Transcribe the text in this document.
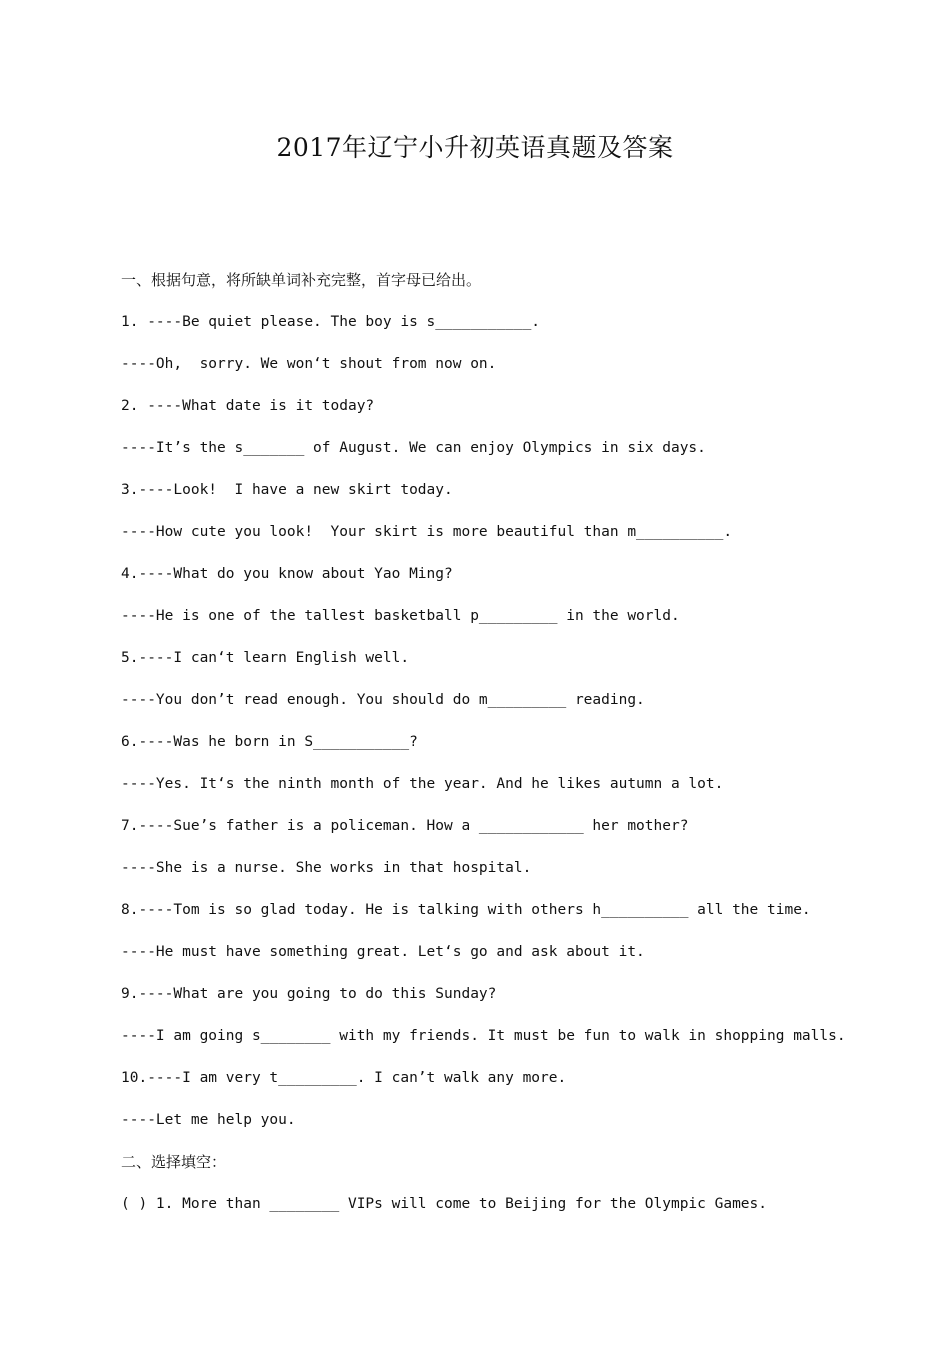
2017年辽宁小升初英语真题及答案
一、根据句意，将所缺单词补充完整，首字母已给出。
1. ----Be quiet please. The boy is s___________.
----Oh,  sorry. We won‘t shout from now on.
2. ----What date is it today?
----It’s the s_______ of August. We can enjoy Olympics in six days.
3.----Look!  I have a new skirt today.
----How cute you look!  Your skirt is more beautiful than m__________.
4.----What do you know about Yao Ming?
----He is one of the tallest basketball p_________ in the world.
5.----I can‘t learn English well.
----You don’t read enough. You should do m_________ reading.
6.----Was he born in S___________?
----Yes. It‘s the ninth month of the year. And he likes autumn a lot.
7.----Sue’s father is a policeman. How a ____________ her mother?
----She is a nurse. She works in that hospital.
8.----Tom is so glad today. He is talking with others h__________ all the time.
----He must have something great. Let‘s go and ask about it.
9.----What are you going to do this Sunday?
----I am going s________ with my friends. It must be fun to walk in shopping malls.
10.----I am very t_________. I can’t walk any more.
----Let me help you.
二、选择填空：
( ) 1. More than ________ VIPs will come to Beijing for the Olympic Games.
